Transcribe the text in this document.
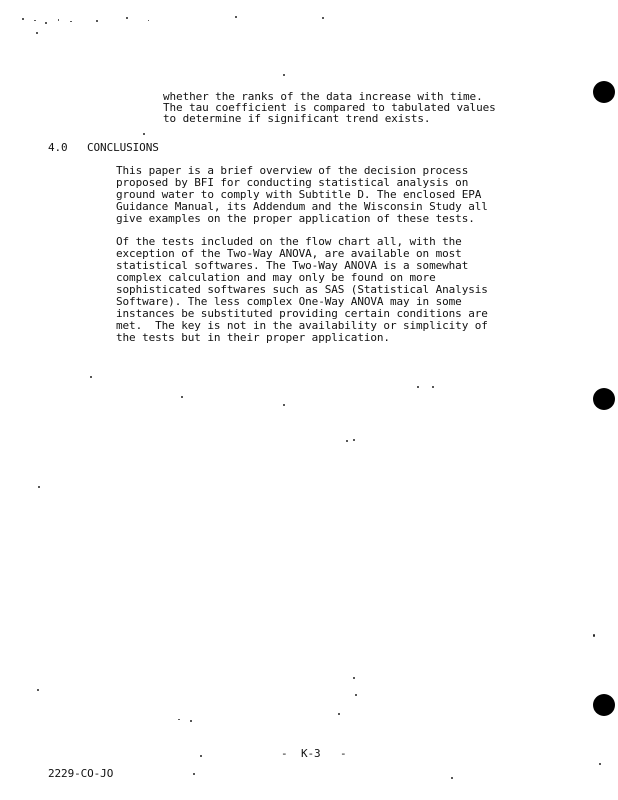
whether the ranks of the data increase with time.
The tau coefficient is compared to tabulated values
to determine if significant trend exists.
4.0 CONCLUSIONS
This paper is a brief overview of the decision process
proposed by BFI for conducting statistical analysis on
ground water to comply with Subtitle D. The enclosed EPA
Guidance Manual, its Addendum and the Wisconsin Study all
give examples on the proper application of these tests.
Of the tests included on the flow chart all, with the
exception of the Two-Way ANOVA, are available on most
statistical softwares. The Two-Way ANOVA is a somewhat
complex calculation and may only be found on more
sophisticated softwares such as SAS (Statistical Analysis
Software). The less complex One-Way ANOVA may in some
instances be substituted providing certain conditions are
met.  The key is not in the availability or simplicity of
the tests but in their proper application.
- K-3 -
2229-CO-JO
